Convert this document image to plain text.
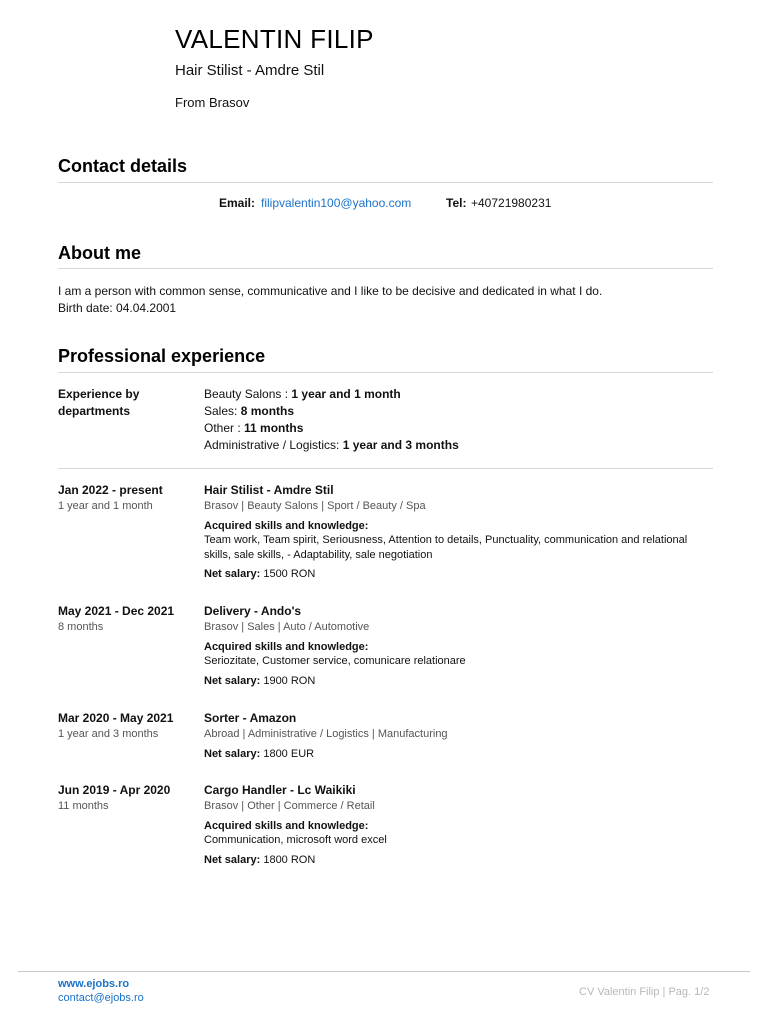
VALENTIN FILIP
Hair Stilist - Amdre Stil
From Brasov
Contact details
Email: filipvalentin100@yahoo.com	Tel: +40721980231
About me
I am a person with common sense, communicative and I like to be decisive and dedicated in what I do.
Birth date: 04.04.2001
Professional experience
Experience by
departments
Beauty Salons : 1 year and 1 month
Sales: 8 months
Other : 11 months
Administrative / Logistics: 1 year and 3 months
Jan 2022 - present
1 year and 1 month
Hair Stilist - Amdre Stil
Brasov | Beauty Salons | Sport / Beauty / Spa
Acquired skills and knowledge:
Team work, Team spirit, Seriousness, Attention to details, Punctuality, communication and relational skills, sale skills, - Adaptability, sale negotiation
Net salary: 1500 RON
May 2021 - Dec 2021
8 months
Delivery - Ando's
Brasov | Sales | Auto / Automotive
Acquired skills and knowledge:
Seriozitate, Customer service, comunicare relationare
Net salary: 1900 RON
Mar 2020 - May 2021
1 year and 3 months
Sorter - Amazon
Abroad | Administrative / Logistics | Manufacturing
Net salary: 1800 EUR
Jun 2019 - Apr 2020
11 months
Cargo Handler - Lc Waikiki
Brasov | Other | Commerce / Retail
Acquired skills and knowledge:
Communication, microsoft word excel
Net salary: 1800 RON
www.ejobs.ro
contact@ejobs.ro	CV Valentin Filip | Pag. 1/2
